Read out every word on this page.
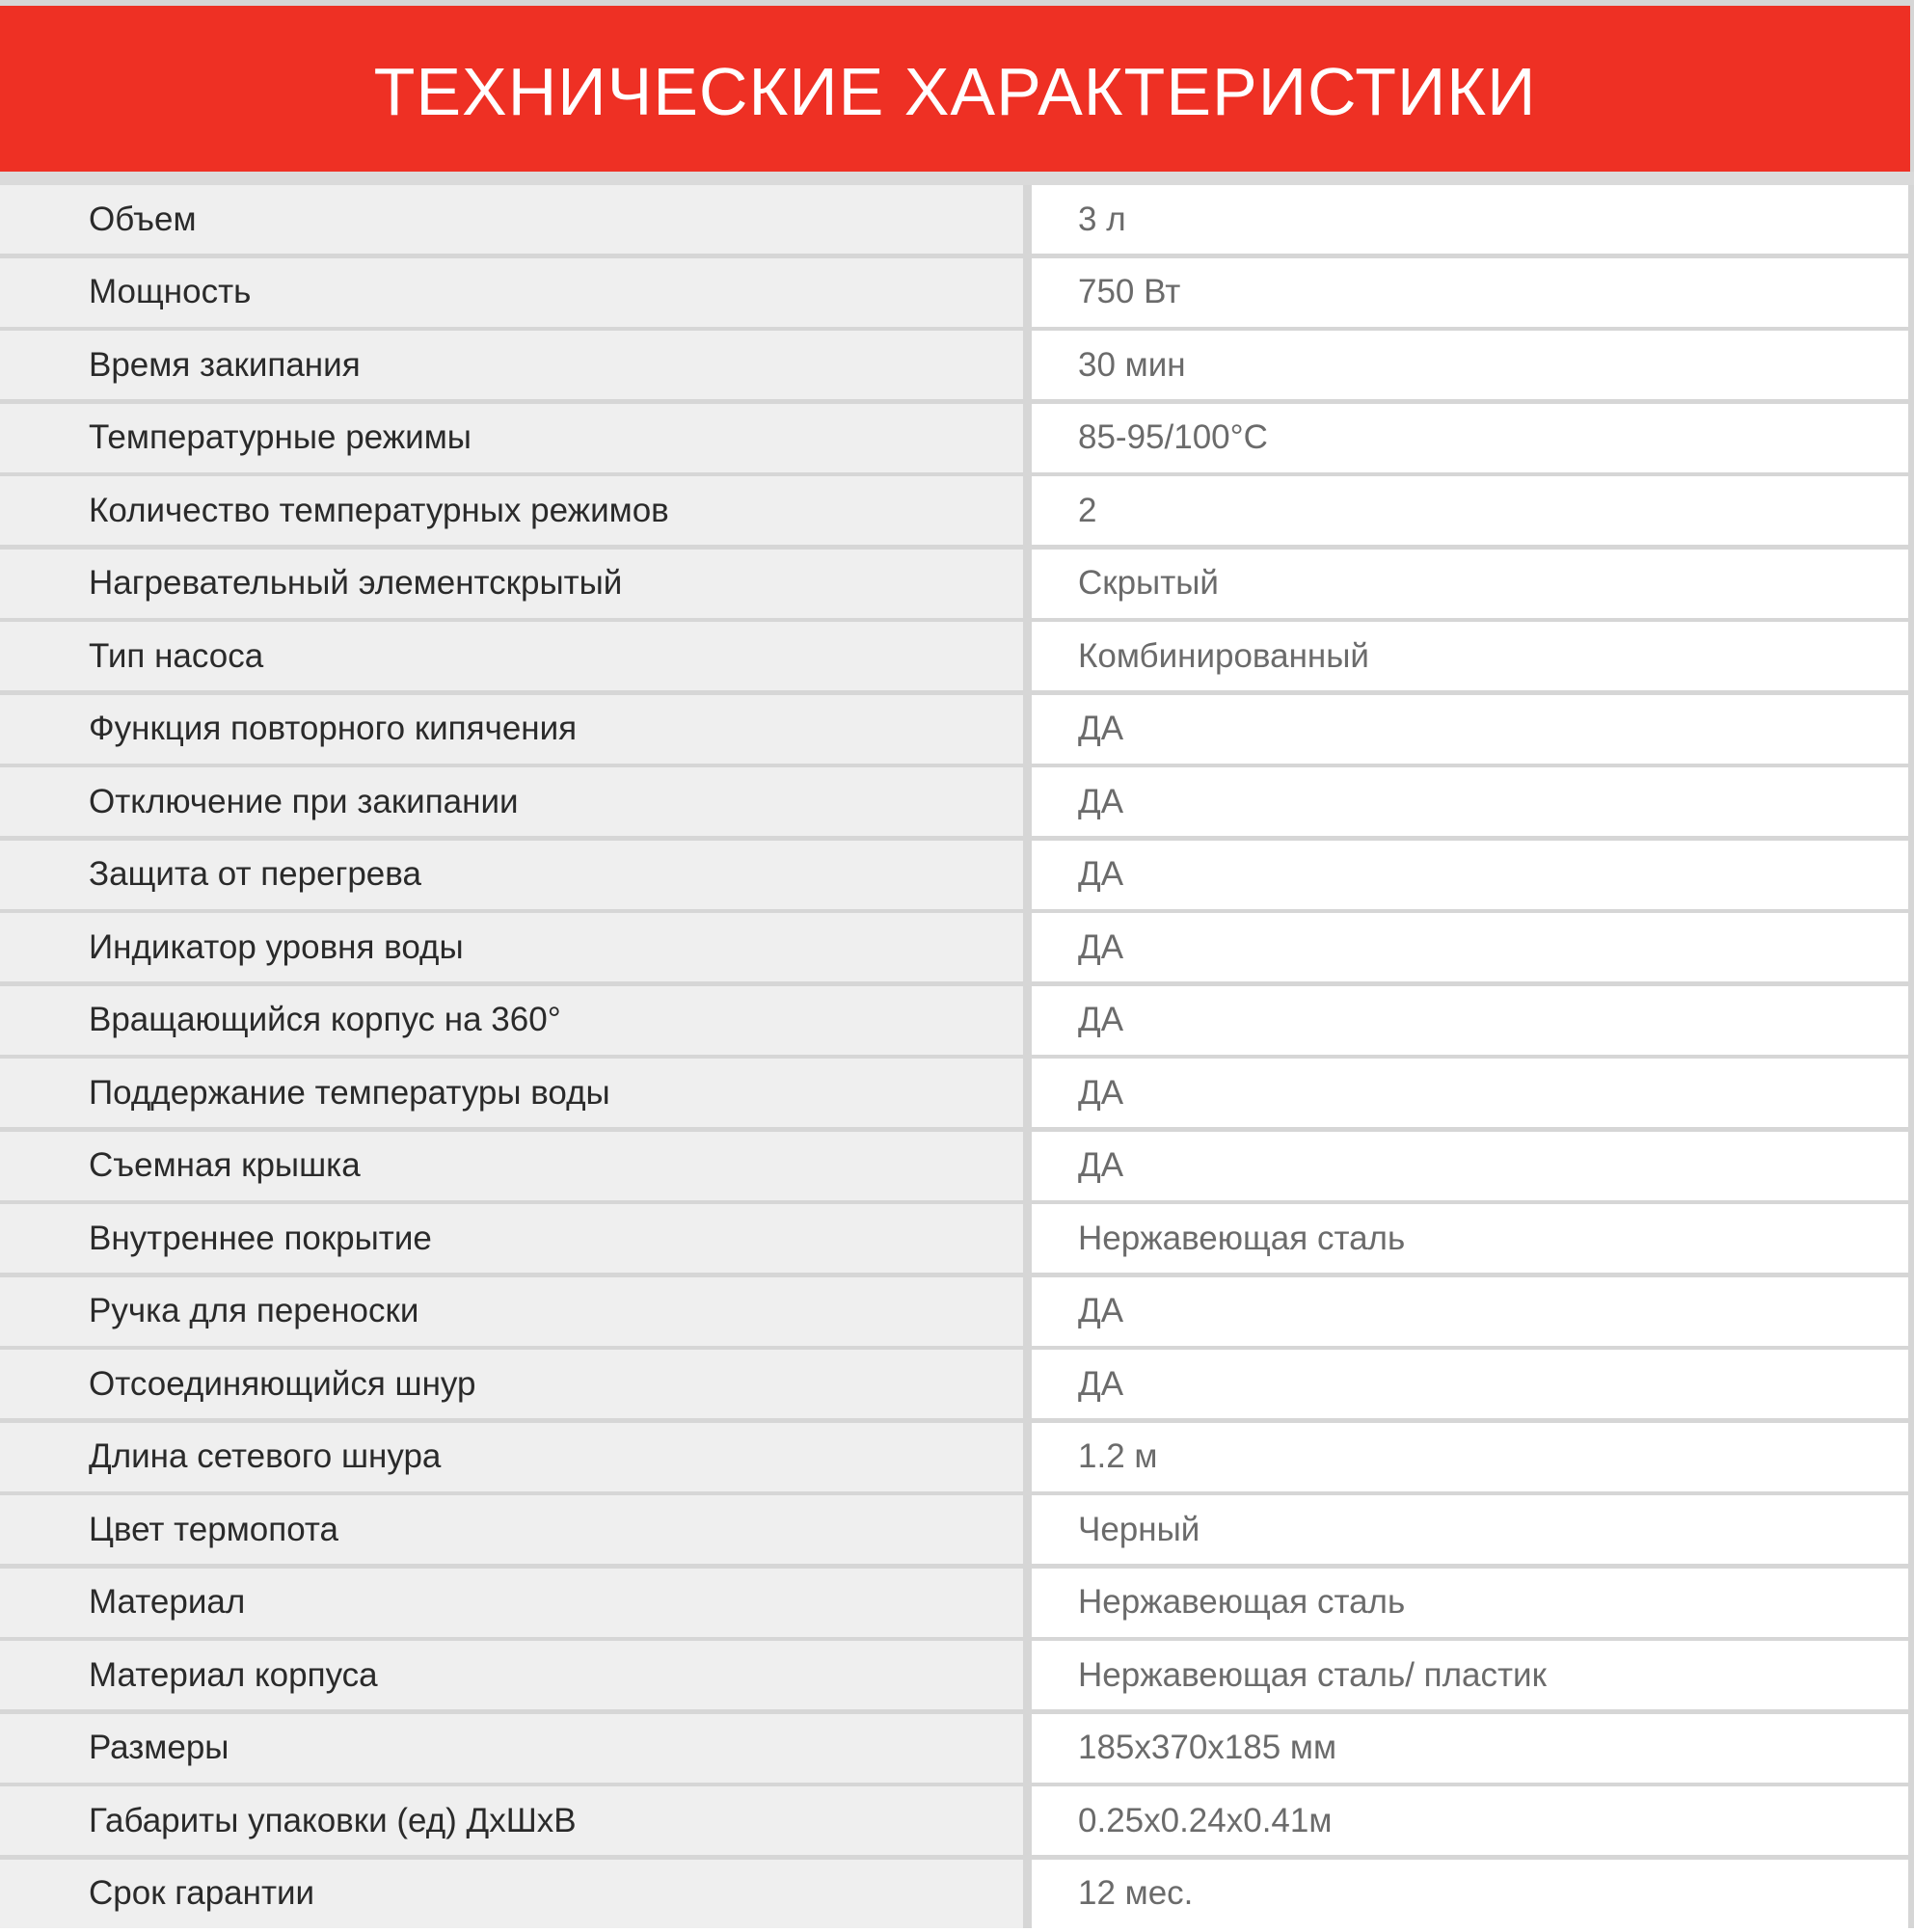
ТЕХНИЧЕСКИЕ ХАРАКТЕРИСТИКИ
Объем	3 л
Мощность	750 Вт
Время закипания	30 мин
Температурные режимы	85-95/100°С
Количество температурных режимов	2
Нагревательный элементскрытый	Скрытый
Тип насоса	Комбинированный
Функция повторного кипячения	ДА
Отключение при закипании	ДА
Защита от перегрева	ДА
Индикатор уровня воды	ДА
Вращающийся корпус на 360°	ДА
Поддержание температуры воды	ДА
Съемная крышка	ДА
Внутреннее покрытие	Нержавеющая сталь
Ручка для переноски	ДА
Отсоединяющийся шнур	ДА
Длина сетевого шнура	1.2 м
Цвет термопота	Черный
Материал	Нержавеющая сталь
Материал корпуса	Нержавеющая сталь/ пластик
Размеры	185x370x185 мм
Габариты упаковки (ед) ДхШхВ	0.25x0.24x0.41м
Срок гарантии	12 мес.
